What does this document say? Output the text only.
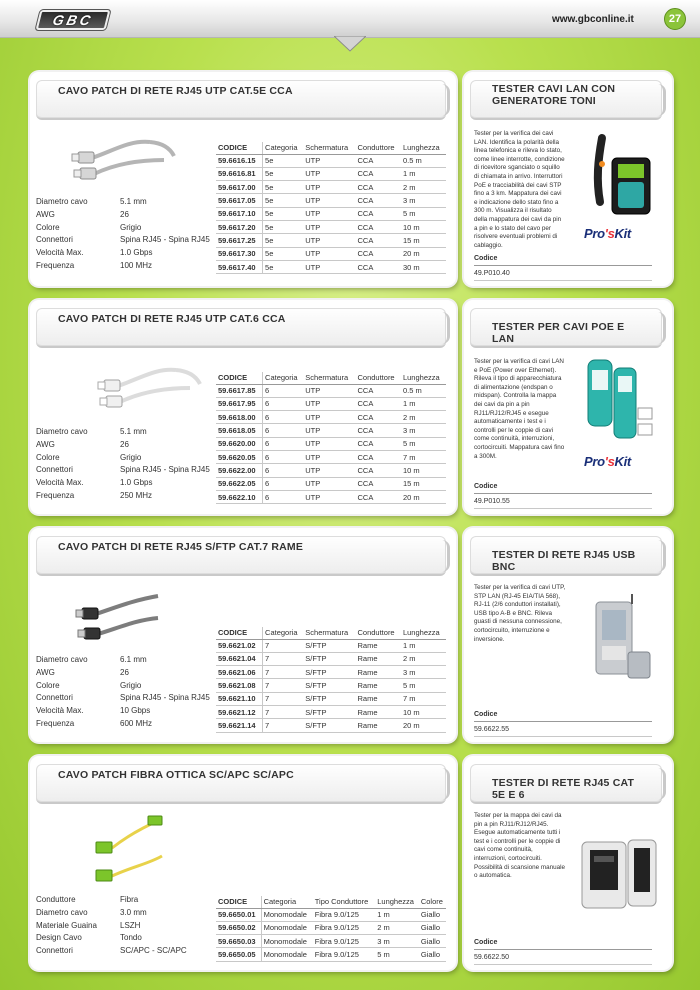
GBC	www.gbconline.it	27
CAVO PATCH DI RETE RJ45 UTP CAT.5E CCA
Diametro cavo	5.1 mm
AWG	26
Colore	Grigio
Connettori	Spina RJ45 - Spina RJ45
Velocità Max.	1.0 Gbps
Frequenza	100 MHz
CODICE	Categoria	Schermatura	Conduttore	Lunghezza
59.6616.15	5e	UTP	CCA	0.5 m
59.6616.81	5e	UTP	CCA	1 m
59.6617.00	5e	UTP	CCA	2 m
59.6617.05	5e	UTP	CCA	3 m
59.6617.10	5e	UTP	CCA	5 m
59.6617.20	5e	UTP	CCA	10 m
59.6617.25	5e	UTP	CCA	15 m
59.6617.30	5e	UTP	CCA	20 m
59.6617.40	5e	UTP	CCA	30 m
CAVO PATCH DI RETE RJ45 UTP CAT.6 CCA
Diametro cavo	5.1 mm
AWG	26
Colore	Grigio
Connettori	Spina RJ45 - Spina RJ45
Velocità Max.	1.0 Gbps
Frequenza	250 MHz
CODICE	Categoria	Schermatura	Conduttore	Lunghezza
59.6617.85	6	UTP	CCA	0.5 m
59.6617.95	6	UTP	CCA	1 m
59.6618.00	6	UTP	CCA	2 m
59.6618.05	6	UTP	CCA	3 m
59.6620.00	6	UTP	CCA	5 m
59.6620.05	6	UTP	CCA	7 m
59.6622.00	6	UTP	CCA	10 m
59.6622.05	6	UTP	CCA	15 m
59.6622.10	6	UTP	CCA	20 m
CAVO PATCH DI RETE RJ45 S/FTP CAT.7 RAME
Diametro cavo	6.1 mm
AWG	26
Colore	Grigio
Connettori	Spina RJ45 - Spina RJ45
Velocità Max.	10 Gbps
Frequenza	600 MHz
CODICE	Categoria	Schermatura	Conduttore	Lunghezza
59.6621.02	7	S/FTP	Rame	1 m
59.6621.04	7	S/FTP	Rame	2 m
59.6621.06	7	S/FTP	Rame	3 m
59.6621.08	7	S/FTP	Rame	5 m
59.6621.10	7	S/FTP	Rame	7 m
59.6621.12	7	S/FTP	Rame	10 m
59.6621.14	7	S/FTP	Rame	20 m
CAVO PATCH FIBRA OTTICA SC/APC SC/APC
Conduttore	Fibra
Diametro cavo	3.0 mm
Materiale Guaina	LSZH
Design Cavo	Tondo
Connettori	SC/APC - SC/APC
CODICE	Categoria	Tipo Conduttore	Lunghezza	Colore
59.6650.01	Monomodale	Fibra 9.0/125	1 m	Giallo
59.6650.02	Monomodale	Fibra 9.0/125	2 m	Giallo
59.6650.03	Monomodale	Fibra 9.0/125	3 m	Giallo
59.6650.05	Monomodale	Fibra 9.0/125	5 m	Giallo
TESTER CAVI LAN CON GENERATORE TONI
Tester per la verifica dei cavi LAN. Identifica la polarità della linea telefonica e rileva lo stato, come linee interrotte, condizione di ricevitore sganciato o squillo di chiamata in arrivo. Interruttori PoE e tracciabilità dei cavi STP fino a 3 km. Mappatura dei cavi e indicazione dello stato fino a 300 m. Visualizza il risultato della mappatura dei cavi da pin a pin e lo stato del cavo per risolvere eventuali problemi di cablaggio.
Pro'sKit
Codice
49.P010.40
TESTER PER CAVI POE E LAN
Tester per la verifica di cavi LAN e PoE (Power over Ethernet). Rileva il tipo di apparecchiatura di alimentazione (endspan o midspan). Controlla la mappa dei cavi da pin a pin RJ11/RJ12/RJ45 e esegue automaticamente i test e i controlli per le coppie di cavi come continuità, interruzioni, cortocircuiti. Mappatura cavi fino a 300M.	Pro'sKit
Codice
49.P010.55
TESTER DI RETE RJ45 USB BNC
Tester per la verifica di cavi UTP, STP LAN (RJ-45 EIA/TIA 568), RJ-11 (2/6 conduttori installati), USB tipo A-B e BNC. Rileva guasti di nessuna connessione, cortocircuito, interruzione e inversione.
Codice
59.6622.55
TESTER DI RETE RJ45 CAT 5E E 6
Tester per la mappa dei cavi da pin a pin RJ11/RJ12/RJ45. Esegue automaticamente tutti i test e i controlli per le coppie di cavi come continuità, interruzioni, cortocircuiti. Possibilità di scansione manuale o automatica.
Codice
59.6622.50
